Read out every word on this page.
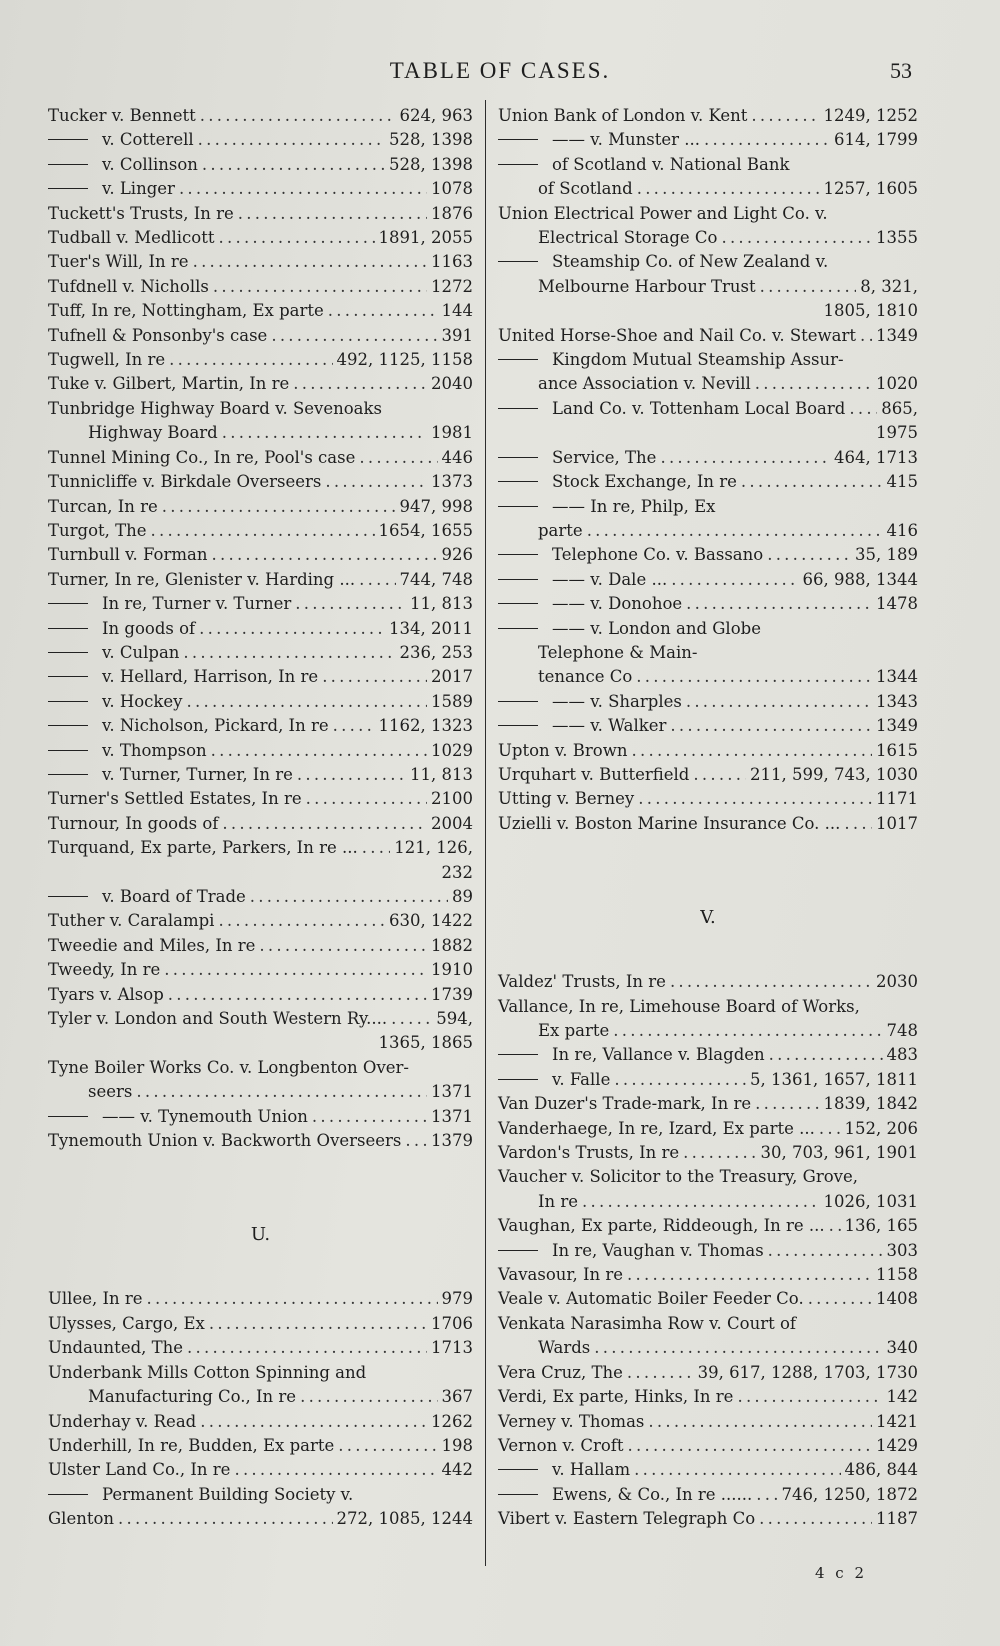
TABLE OF CASES.	53
Tucker v. Bennett . . .	624, 963
v. Cotterell . . .	528, 1398
v. Collinson . . .	528, 1398
v. Linger . . .	1078
Tuckett's Trusts, In re . . .	1876
Tudball v. Medlicott . . .	1891, 2055
Tuer's Will, In re . . .	1163
Tufdnell v. Nicholls . . .	1272
Tuff, In re, Nottingham, Ex parte . . .	144
Tufnell & Ponsonby's case . . .	391
Tugwell, In re . . .	492, 1125, 1158
Tuke v. Gilbert, Martin, In re . . .	2040
Tunbridge Highway Board v. Sevenoaks
Highway Board . . .	1981
Tunnel Mining Co., In re, Pool's case . . .	446
Tunnicliffe v. Birkdale Overseers . . .	1373
Turcan, In re . . .	947, 998
Turgot, The . . .	1654, 1655
Turnbull v. Forman . . .	926
Turner, In re, Glenister v. Harding ... . . .	744, 748
In re, Turner v. Turner . . .	11, 813
In goods of . . .	134, 2011
v. Culpan . . .	236, 253
v. Hellard, Harrison, In re . . .	2017
v. Hockey . . .	1589
v. Nicholson, Pickard, In re . . .	1162, 1323
v. Thompson . . .	1029
v. Turner, Turner, In re . . .	11, 813
Turner's Settled Estates, In re . . .	2100
Turnour, In goods of . . .	2004
Turquand, Ex parte, Parkers, In re ... . . . 121, 126,
232
v. Board of Trade . . .	89
Tuther v. Caralampi . . .	630, 1422
Tweedie and Miles, In re . . .	1882
Tweedy, In re . . .	1910
Tyars v. Alsop . . .	1739
Tyler v. London and South Western Ry.... . . .	594,
1365, 1865
Tyne Boiler Works Co. v. Longbenton Over-
seers . . .	1371
—— v. Tynemouth Union . . .	1371
Tynemouth Union v. Backworth Overseers . . . 1379
U.
Ullee, In re . . .	979
Ulysses, Cargo, Ex . . .	1706
Undaunted, The . . .	1713
Underbank Mills Cotton Spinning and
Manufacturing Co., In re . . .	367
Underhay v. Read . . .	1262
Underhill, In re, Budden, Ex parte . . .	198
Ulster Land Co., In re . . .	442
Permanent Building Society v.
Glenton . . .	272, 1085, 1244
Union Bank of London v. Kent . . .	1249, 1252
—— v. Munster ... . . .	614, 1799
of Scotland v. National Bank
of Scotland . . .	1257, 1605
Union Electrical Power and Light Co. v.
Electrical Storage Co . . .	1355
Steamship Co. of New Zealand v.
Melbourne Harbour Trust . . .	8, 321,
1805, 1810
United Horse-Shoe and Nail Co. v. Stewart . . . 1349
Kingdom Mutual Steamship Assur-
ance Association v. Nevill . . .	1020
Land Co. v. Tottenham Local Board . . . 865,
1975
Service, The . . .	464, 1713
Stock Exchange, In re . . .	415
—— In re, Philp, Ex
parte . . .	416
Telephone Co. v. Bassano . . .	35, 189
—— v. Dale ... . . .	66, 988, 1344
—— v. Donohoe . . .	1478
—— v. London and Globe
Telephone & Main-
tenance Co . . .	1344
—— v. Sharples . . .	1343
—— v. Walker . . .	1349
Upton v. Brown . . .	1615
Urquhart v. Butterfield . . .	211, 599, 743, 1030
Utting v. Berney . . .	1171
Uzielli v. Boston Marine Insurance Co. ... . . . 1017
V.
Valdez' Trusts, In re . . .	2030
Vallance, In re, Limehouse Board of Works,
Ex parte . . .	748
In re, Vallance v. Blagden . . .	483
v. Falle . . .	5, 1361, 1657, 1811
Van Duzer's Trade-mark, In re . . .	1839, 1842
Vanderhaege, In re, Izard, Ex parte ... . . . 152, 206
Vardon's Trusts, In re . . .	30, 703, 961, 1901
Vaucher v. Solicitor to the Treasury, Grove,
In re . . .	1026, 1031
Vaughan, Ex parte, Riddeough, In re ... . . . 136, 165
In re, Vaughan v. Thomas . . .	303
Vavasour, In re . . .	1158
Veale v. Automatic Boiler Feeder Co. . . .	1408
Venkata Narasimha Row v. Court of
Wards . . .	340
Vera Cruz, The . . .	39, 617, 1288, 1703, 1730
Verdi, Ex parte, Hinks, In re . . .	142
Verney v. Thomas . . .	1421
Vernon v. Croft . . .	1429
v. Hallam . . .	486, 844
Ewens, & Co., In re ...... . . . 746, 1250, 1872
Vibert v. Eastern Telegraph Co . . .	1187
4 c 2
